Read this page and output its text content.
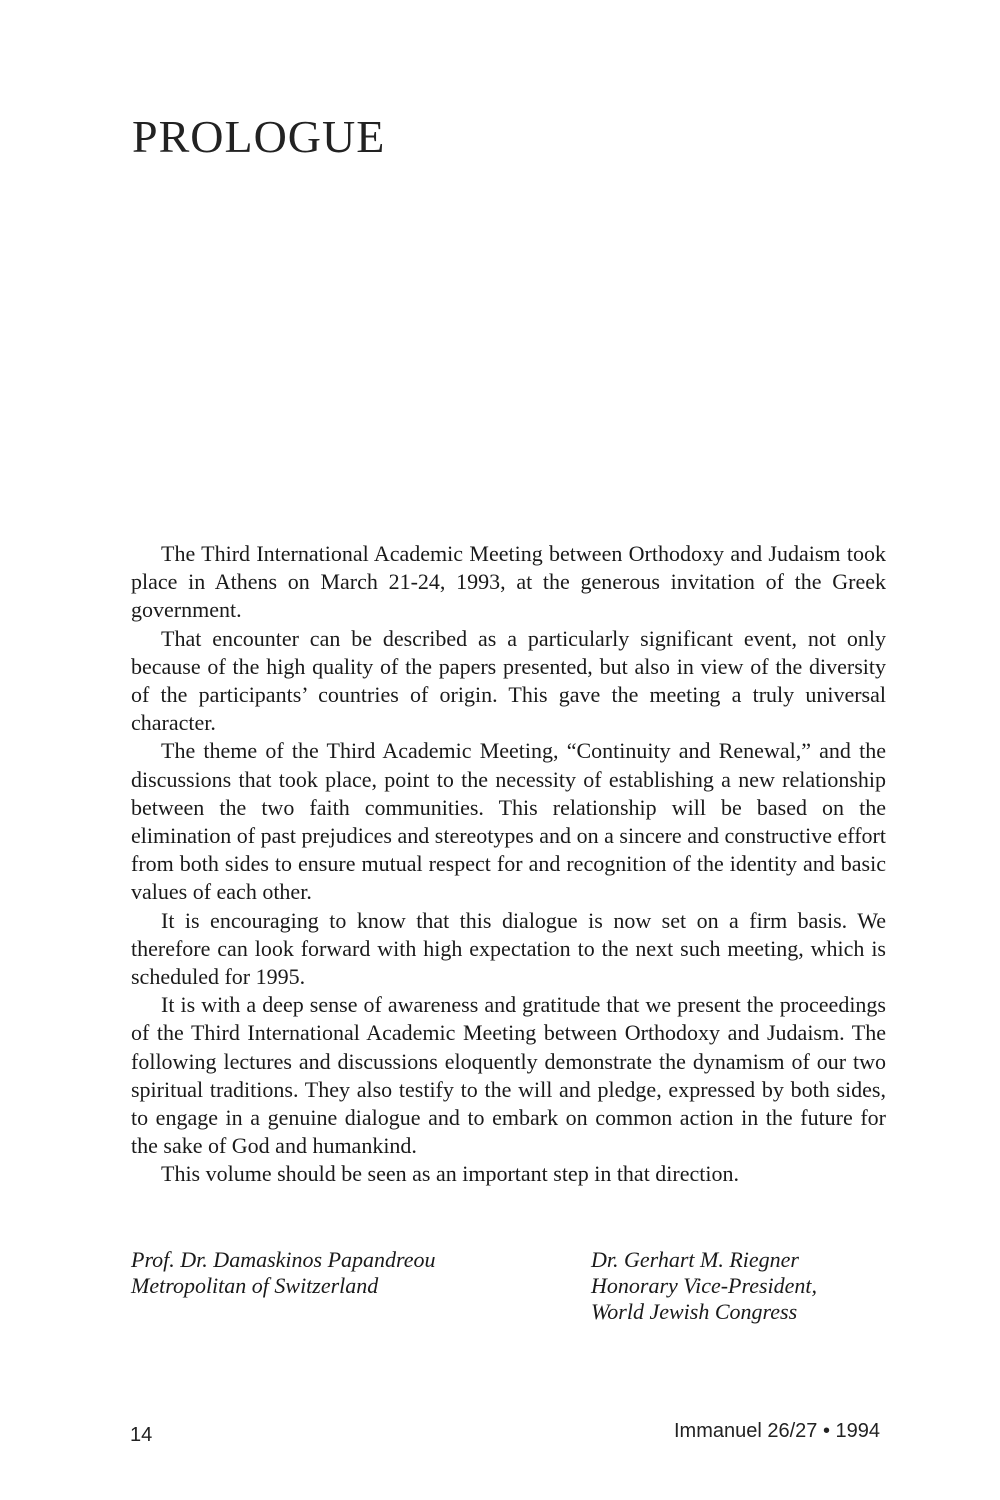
PROLOGUE

The Third International Academic Meeting between Orthodoxy and Judaism took place in Athens on March 21-24, 1993, at the generous invitation of the Greek government.

That encounter can be described as a particularly significant event, not only because of the high quality of the papers presented, but also in view of the diversity of the participants’ countries of origin. This gave the meeting a truly universal character.

The theme of the Third Academic Meeting, “Continuity and Renewal,” and the discussions that took place, point to the necessity of establishing a new relationship between the two faith communities. This relationship will be based on the elimination of past prejudices and stereotypes and on a sincere and constructive effort from both sides to ensure mutual respect for and recognition of the identity and basic values of each other.

It is encouraging to know that this dialogue is now set on a firm basis. We therefore can look forward with high expectation to the next such meeting, which is scheduled for 1995.

It is with a deep sense of awareness and gratitude that we present the proceedings of the Third International Academic Meeting between Orthodoxy and Judaism. The following lectures and discussions eloquently demonstrate the dynamism of our two spiritual traditions. They also testify to the will and pledge, expressed by both sides, to engage in a genuine dialogue and to embark on common action in the future for the sake of God and humankind.

This volume should be seen as an important step in that direction.

Prof. Dr. Damaskinos Papandreou
Metropolitan of Switzerland
Dr. Gerhart M. Riegner
Honorary Vice-President,
World Jewish Congress
14	Immanuel 26/27 • 1994
